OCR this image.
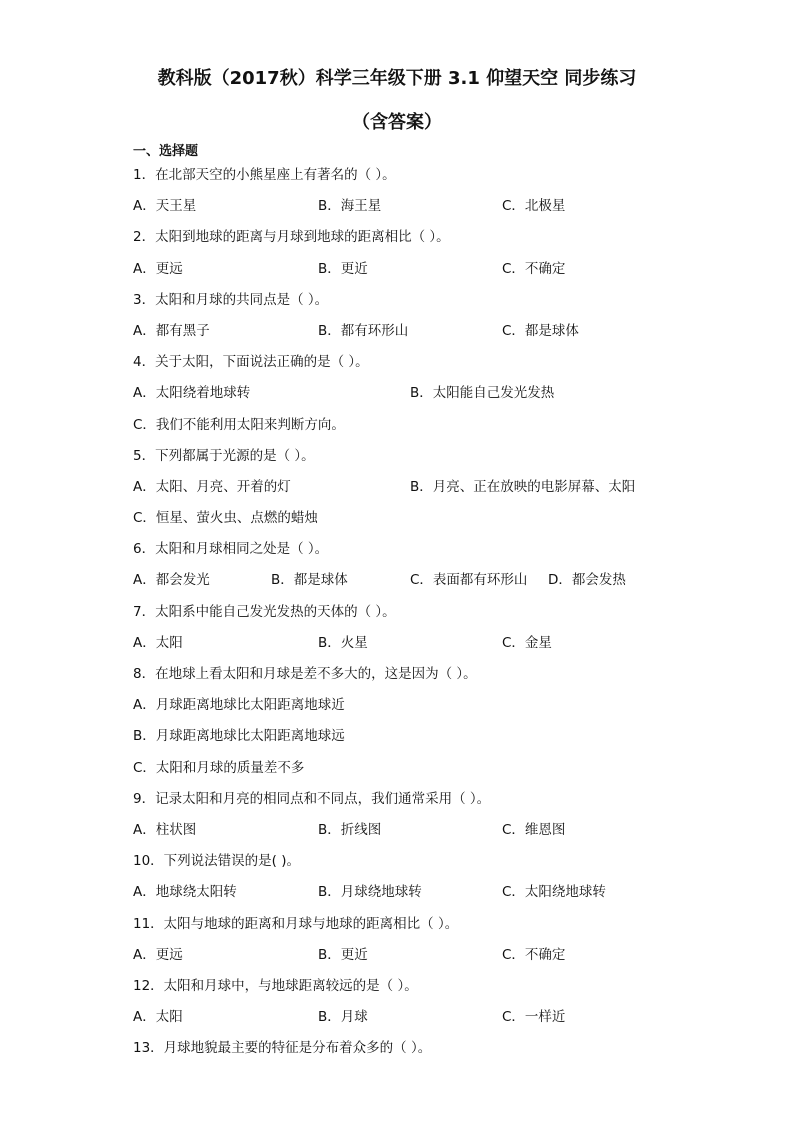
教科版（2017秋）科学三年级下册 3.1 仰望天空 同步练习
（含答案）
一、选择题
1．在北部天空的小熊星座上有著名的（ ）。
A．天王星	B．海王星	C．北极星
2．太阳到地球的距离与月球到地球的距离相比（ ）。
A．更远	B．更近	C．不确定
3．太阳和月球的共同点是（ ）。
A．都有黑子	B．都有环形山	C．都是球体
4．关于太阳，下面说法正确的是（ ）。
A．太阳绕着地球转	B．太阳能自己发光发热
C．我们不能利用太阳来判断方向。
5．下列都属于光源的是（ ）。
A．太阳、月亮、开着的灯	B．月亮、正在放映的电影屏幕、太阳
C．恒星、萤火虫、点燃的蜡烛
6．太阳和月球相同之处是（ ）。
A．都会发光	B．都是球体	C．表面都有环形山 D．都会发热
7．太阳系中能自己发光发热的天体的（ ）。
A．太阳	B．火星	C．金星
8．在地球上看太阳和月球是差不多大的，这是因为（ ）。
A．月球距离地球比太阳距离地球近
B．月球距离地球比太阳距离地球远
C．太阳和月球的质量差不多
9．记录太阳和月亮的相同点和不同点，我们通常采用（ ）。
A．柱状图	B．折线图	C．维恩图
10．下列说法错误的是( )。
A．地球绕太阳转	B．月球绕地球转	C．太阳绕地球转
11．太阳与地球的距离和月球与地球的距离相比（ ）。
A．更远	B．更近	C．不确定
12．太阳和月球中，与地球距离较远的是（ ）。
A．太阳	B．月球	C．一样近
13．月球地貌最主要的特征是分布着众多的（ ）。
